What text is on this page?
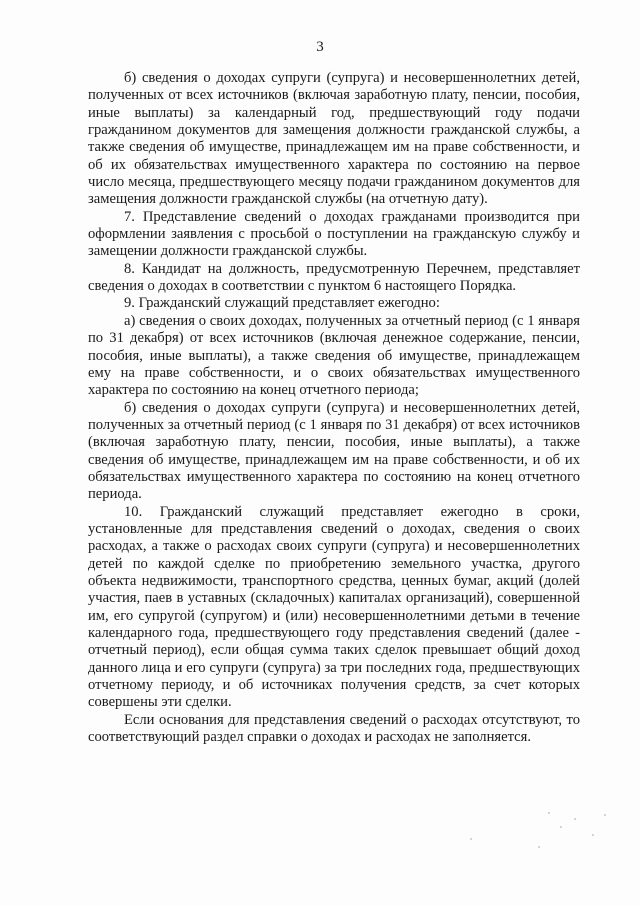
3

б) сведения о доходах супруги (супруга) и несовершеннолетних детей, полученных от всех источников (включая заработную плату, пенсии, пособия, иные выплаты) за календарный год, предшествующий году подачи гражданином документов для замещения должности гражданской службы, а также сведения об имуществе, принадлежащем им на праве собственности, и об их обязательствах имущественного характера по состоянию на первое число месяца, предшествующего месяцу подачи гражданином документов для замещения должности гражданской службы (на отчетную дату).

7. Представление сведений о доходах гражданами производится при оформлении заявления с просьбой о поступлении на гражданскую службу и замещении должности гражданской службы.

8. Кандидат на должность, предусмотренную Перечнем, представляет сведения о доходах в соответствии с пунктом 6 настоящего Порядка.

9. Гражданский служащий представляет ежегодно:

а) сведения о своих доходах, полученных за отчетный период (с 1 января по 31 декабря) от всех источников (включая денежное содержание, пенсии, пособия, иные выплаты), а также сведения об имуществе, принадлежащем ему на праве собственности, и о своих обязательствах имущественного характера по состоянию на конец отчетного периода;

б) сведения о доходах супруги (супруга) и несовершеннолетних детей, полученных за отчетный период (с 1 января по 31 декабря) от всех источников (включая заработную плату, пенсии, пособия, иные выплаты), а также сведения об имуществе, принадлежащем им на праве собственности, и об их обязательствах имущественного характера по состоянию на конец отчетного периода.

10. Гражданский служащий представляет ежегодно в сроки, установленные для представления сведений о доходах, сведения о своих расходах, а также о расходах своих супруги (супруга) и несовершеннолетних детей по каждой сделке по приобретению земельного участка, другого объекта недвижимости, транспортного средства, ценных бумаг, акций (долей участия, паев в уставных (складочных) капиталах организаций), совершенной им, его супругой (супругом) и (или) несовершеннолетними детьми в течение календарного года, предшествующего году представления сведений (далее - отчетный период), если общая сумма таких сделок превышает общий доход данного лица и его супруги (супруга) за три последних года, предшествующих отчетному периоду, и об источниках получения средств, за счет которых совершены эти сделки.

Если основания для представления сведений о расходах отсутствуют, то соответствующий раздел справки о доходах и расходах не заполняется.
